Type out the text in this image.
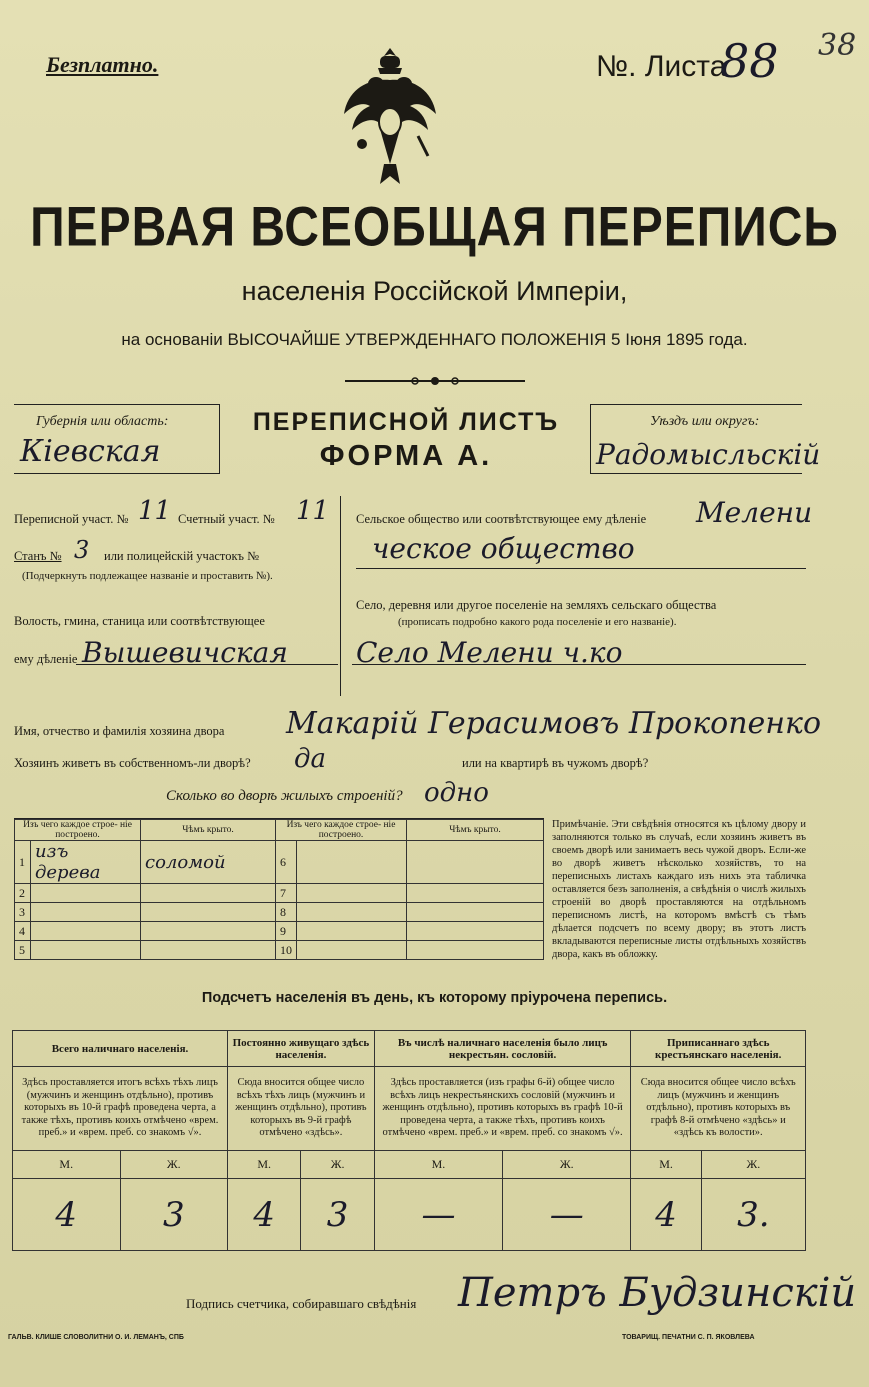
Безплатно.	№. Листа
88 38
ПЕРВАЯ ВСЕОБЩАЯ ПЕРЕПИСЬ
населенія Россійской Имперіи,
на основаніи ВЫСОЧАЙШЕ УТВЕРЖДЕННАГО ПОЛОЖЕНІЯ 5 Іюня 1895 года.
Губернія или область:
Кіевская
ПЕРЕПИСНОЙ ЛИСТЪ
ФОРМА А.
Уѣздъ или округъ:
Радомысльскій
Переписной участ. № 11 Счетный участ. № 11
Станъ № 3 или полицейскій участокъ №
(Подчеркнуть подлежащее названіе и проставить №).
Волость, гмина, станица или соотвѣтствующее
ему дѣленіе Вышевичская
Сельское общество или соотвѣтствующее ему дѣленіе Мелени
ческое общество
Село, деревня или другое поселеніе на земляхъ сельскаго общества
(прописать подробно какого рода поселеніе и его названіе).
Село Мелени ч.ко
Имя, отчество и фамилія хозяина двора Макарій Герасимовъ Прокопенко
Хозяинъ живетъ въ собственномъ-ли дворѣ? да	или на квартирѣ въ чужомъ дворѣ?
Сколько во дворѣ жилыхъ строеній? одно
Изъ чего каждое строе- ніе построено.		Чѣмъ крыто.	Изъ чего каждое строе- ніе построено.		Чѣмъ крыто.
1	изъ дерева	соломой	6		
2			7		
3			8		
4			9		
5			10		
Примѣчаніе. Эти свѣдѣнія относятся къ цѣлому двору и заполняются только въ случаѣ, если хозяинъ живетъ въ своемъ дворѣ или занимаетъ весь чужой дворъ. Если-же во дворѣ живетъ нѣсколько хозяйствъ, то на переписныхъ листахъ каждаго изъ нихъ эта табличка оставляется безъ заполненія, а свѣдѣнія о числѣ жилыхъ строеній во дворѣ проставляются на отдѣльномъ переписномъ листѣ, на которомъ вмѣстѣ съ тѣмъ дѣлается подсчетъ по всему двору; въ этотъ листъ вкладываются переписные листы отдѣльныхъ хозяйствъ двора, какъ въ обложку.
Подсчетъ населенія въ день, къ которому пріурочена перепись.
Всего наличнаго населенія.		Постоянно живущаго здѣсь населенія.		Въ числѣ наличнаго населенія было лицъ некрестьян. сословій.		Приписаннаго здѣсь крестьянскаго населенія.	
Здѣсь проставляется итогъ всѣхъ тѣхъ лицъ (мужчинъ и женщинъ отдѣльно), противъ которыхъ въ 10-й графѣ проведена черта, а также тѣхъ, противъ коихъ отмѣчено «врем. преб.» и «врем. преб. со знакомъ √».		Сюда вносится общее число всѣхъ тѣхъ лицъ (мужчинъ и женщинъ отдѣльно), противъ которыхъ въ 9-й графѣ отмѣчено «здѣсь».		Здѣсь проставляется (изъ графы 6-й) общее число всѣхъ лицъ некрестьянскихъ сословій (мужчинъ и женщинъ отдѣльно), противъ которыхъ въ графѣ 10-й проведена черта, а также тѣхъ, противъ коихъ отмѣчено «врем. преб.» и «врем. преб. со знакомъ √».		Сюда вносится общее число всѣхъ лицъ (мужчинъ и женщинъ отдѣльно), противъ которыхъ въ графѣ 8-й отмѣчено «здѣсь» и «здѣсь къ волости».	
М.	Ж.	М.	Ж.	М.	Ж.	М.	Ж.
4	3	4	3	—	—	4	3.
Подпись счетчика, собиравшаго свѣдѣнія Петръ Будзинскій
ГАЛЬВ. КЛИШЕ СЛОВОЛИТНИ О. И. ЛЕМАНЪ, СПБ	ТОВАРИЩ. ПЕЧАТНИ С. П. ЯКОВЛЕВА
